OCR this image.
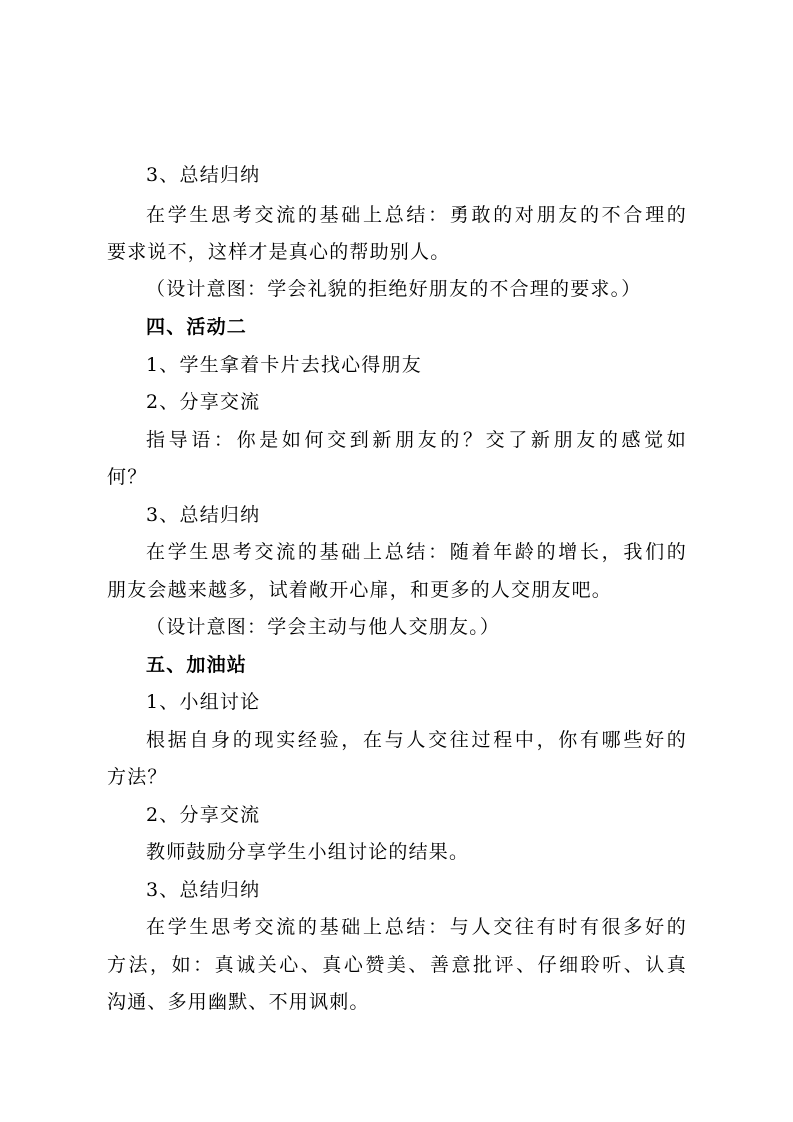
3、总结归纳
在学生思考交流的基础上总结：勇敢的对朋友的不合理的
要求说不，这样才是真心的帮助别人。
（设计意图：学会礼貌的拒绝好朋友的不合理的要求。）
四、活动二
1、学生拿着卡片去找心得朋友
2、分享交流
指导语：你是如何交到新朋友的？交了新朋友的感觉如
何？
3、总结归纳
在学生思考交流的基础上总结：随着年龄的增长，我们的
朋友会越来越多，试着敞开心扉，和更多的人交朋友吧。
（设计意图：学会主动与他人交朋友。）
五、加油站
1、小组讨论
根据自身的现实经验，在与人交往过程中，你有哪些好的
方法？
2、分享交流
教师鼓励分享学生小组讨论的结果。
3、总结归纳
在学生思考交流的基础上总结：与人交往有时有很多好的
方法，如：真诚关心、真心赞美、善意批评、仔细聆听、认真
沟通、多用幽默、不用讽刺。
